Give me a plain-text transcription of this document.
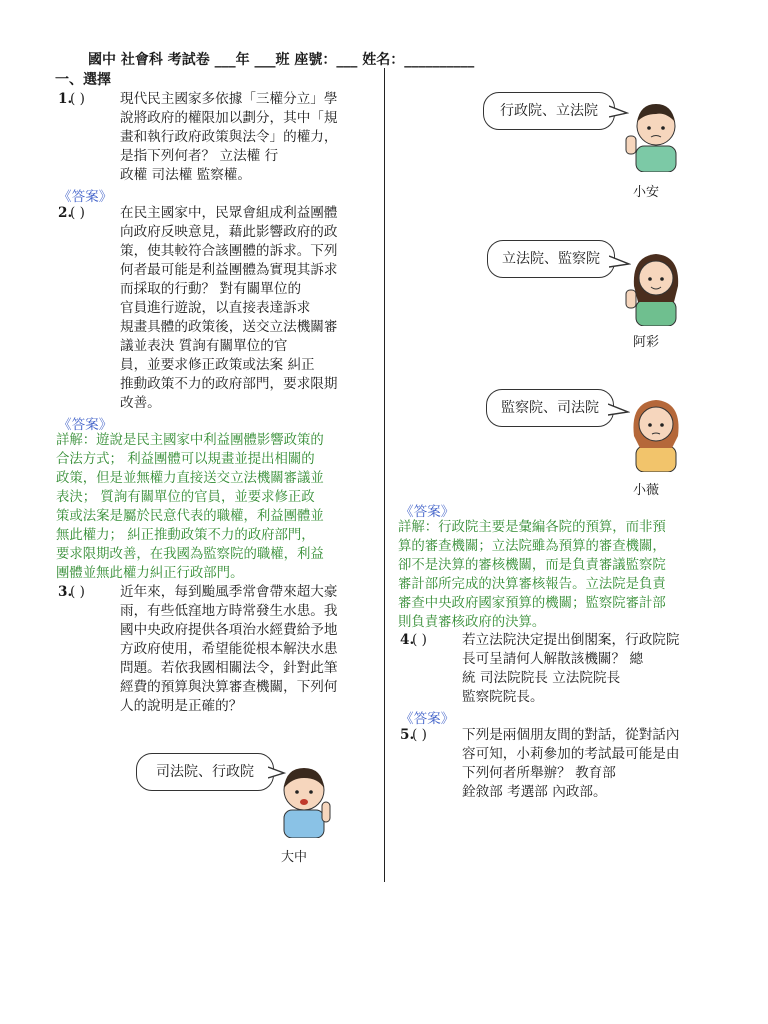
國中 社會科 考試卷 ___年 ___班 座號：___ 姓名：__________
一、選擇
1.
( )	現代民主國家多依據「三權分立」學
說將政府的權限加以劃分，其中「規
畫和執行政府政策與法令」的權力，
是指下列何者？ 立法權 行
政權 司法權 監察權。
《答案》
2.
( )	在民主國家中，民眾會組成利益團體
向政府反映意見，藉此影響政府的政
策，使其較符合該團體的訴求。下列
何者最可能是利益團體為實現其訴求
而採取的行動？ 對有關單位的
官員進行遊說，以直接表達訴求
規畫具體的政策後，送交立法機關審
議並表決 質詢有關單位的官
員，並要求修正政策或法案 糾正
推動政策不力的政府部門，要求限期
改善。
《答案》
詳解：遊說是民主國家中利益團體影響政策的
合法方式； 利益團體可以規畫並提出相關的
政策，但是並無權力直接送交立法機關審議並
表決； 質詢有關單位的官員，並要求修正政
策或法案是屬於民意代表的職權，利益團體並
無此權力； 糾正推動政策不力的政府部門，
要求限期改善，在我國為監察院的職權，利益
團體並無此權力糾正行政部門。
3.
( )	近年來，每到颱風季常會帶來超大豪
雨，有些低窪地方時常發生水患。我
國中央政府提供各項治水經費給予地
方政府使用，希望能從根本解決水患
問題。若依我國相關法令，針對此筆
經費的預算與決算審查機關，下列何
人的說明是正確的？
司法院、行政院
大中
行政院、立法院
小安
立法院、監察院
阿彩
監察院、司法院
小薇
《答案》
詳解：行政院主要是彙編各院的預算，而非預
算的審查機關；立法院雖為預算的審查機關，
卻不是決算的審核機關，而是負責審議監察院
審計部所完成的決算審核報告。立法院是負責
審查中央政府國家預算的機關；監察院審計部
則負責審核政府的決算。
4.
( )	若立法院決定提出倒閣案，行政院院
長可呈請何人解散該機關？ 總
統 司法院院長 立法院院長
監察院院長。
《答案》
5.
( )	下列是兩個朋友間的對話，從對話內
容可知，小莉參加的考試最可能是由
下列何者所舉辦？ 教育部
銓敘部 考選部 內政部。
